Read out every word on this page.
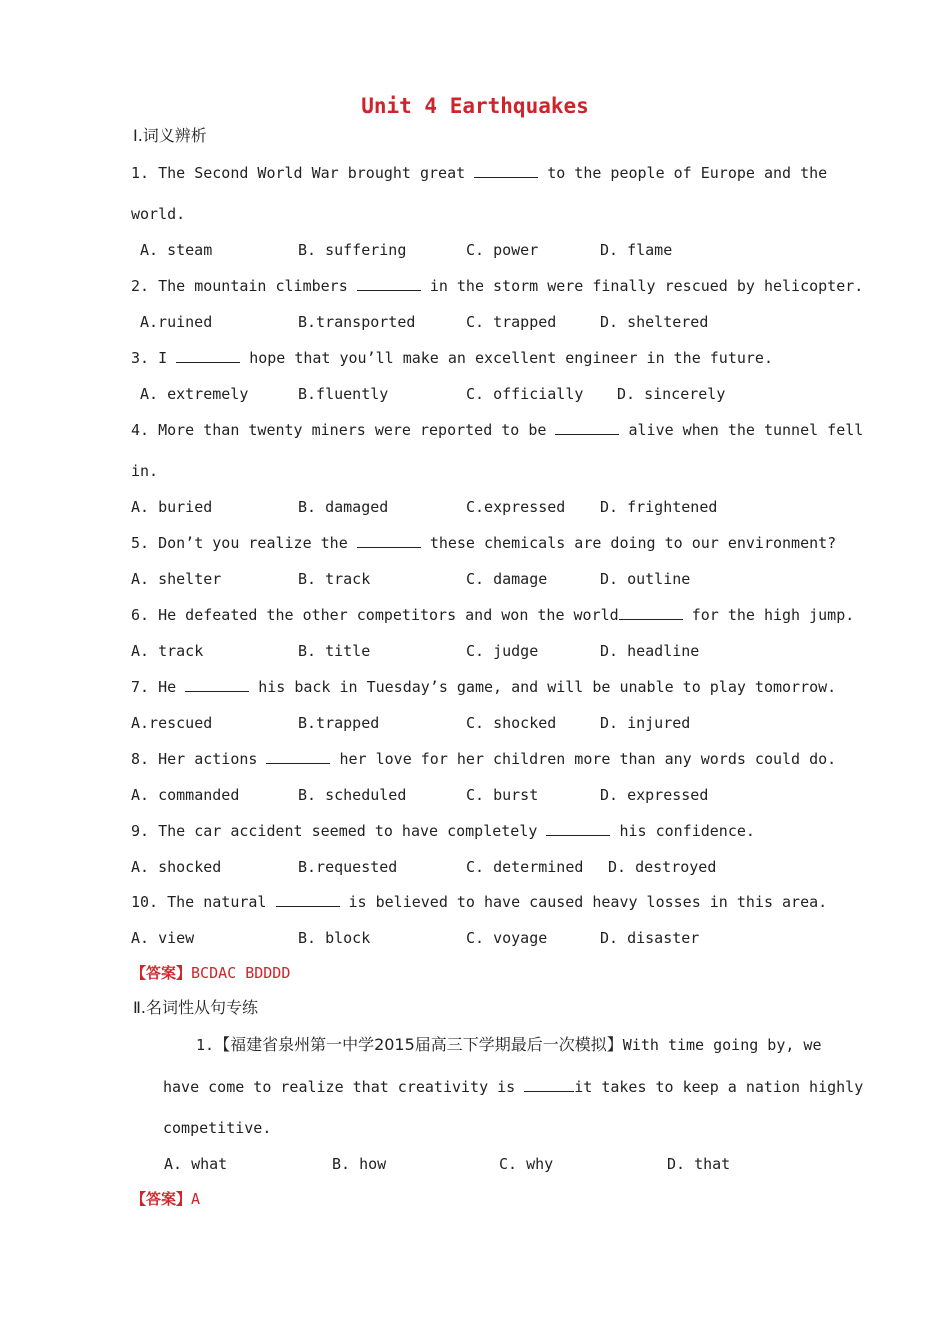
Unit 4 Earthquakes
Ⅰ.词义辨析
1. The Second World War brought great	to the people of Europe and the
world.
A. steam	B. suffering	C. power	D. flame
2. The mountain climbers	in the storm were finally rescued by helicopter.
A.ruined	B.transported	C. trapped	D. sheltered
3. I	hope that you’ll make an excellent engineer in the future.
A. extremely	B.fluently	C. officially D. sincerely
4. More than twenty miners were reported to be	alive when the tunnel fell
in.
A. buried	B. damaged	C.expressed D. frightened
5. Don’t you realize the	these chemicals are doing to our environment?
A. shelter	B. track	C. damage	D. outline
6. He defeated the other competitors and won the world	for the high jump.
A. track	B. title	C. judge	D. headline
7. He	his back in Tuesday’s game, and will be unable to play tomorrow.
A.rescued	B.trapped	C. shocked	D. injured
8. Her actions	her love for her children more than any words could do.
A. commanded	B. scheduled	C. burst	D. expressed
9. The car accident seemed to have completely	his confidence.
A. shocked	B.requested	C. determined D. destroyed
10. The natural	is believed to have caused heavy losses in this area.
A. view	B. block	C. voyage	D. disaster
【答案】BCDAC BDDDD
Ⅱ.名词性从句专练
1.【福建省泉州第一中学2015届高三下学期最后一次模拟】With time going by, we
have come to realize that creativity is	it takes to keep a nation highly
competitive.
A. what	B. how	C. why	D. that
【答案】A
